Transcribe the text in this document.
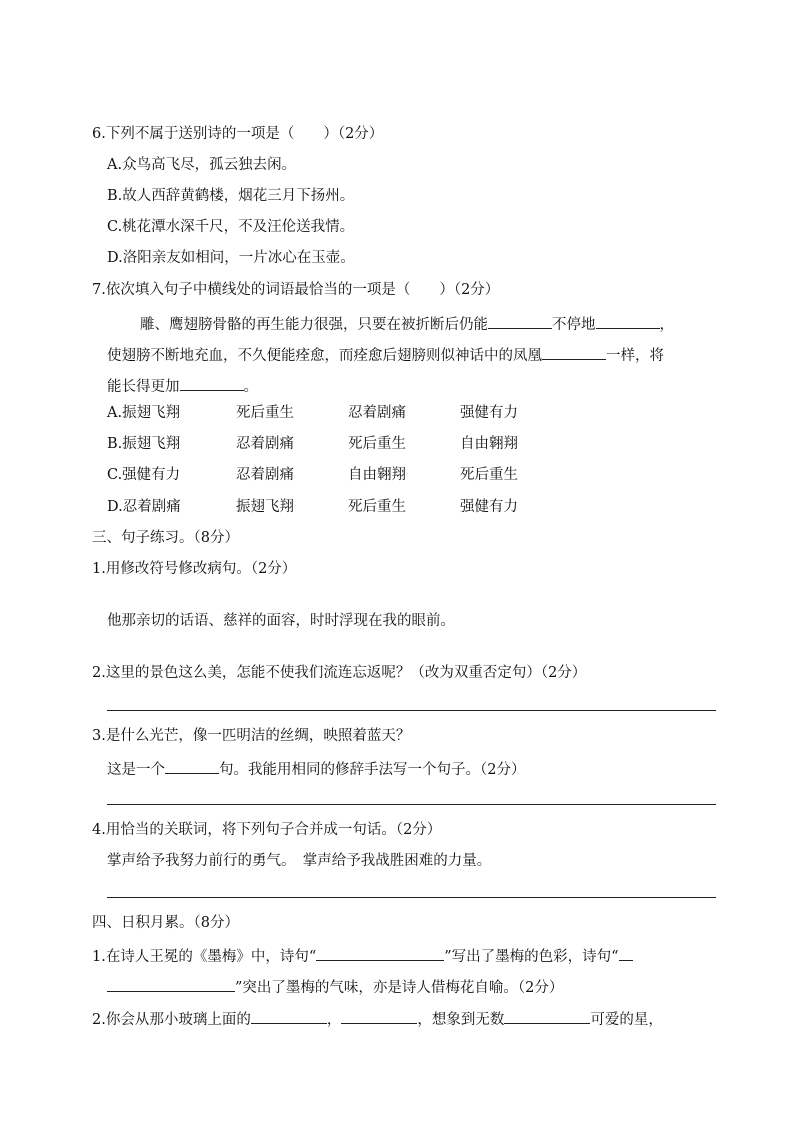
6.下列不属于送别诗的一项是（　　）（2分）
A.众鸟高飞尽，孤云独去闲。
B.故人西辞黄鹤楼，烟花三月下扬州。
C.桃花潭水深千尺，不及汪伦送我情。
D.洛阳亲友如相问，一片冰心在玉壶。
7.依次填入句子中横线处的词语最恰当的一项是（　　）（2分）
雕、鹰翅膀骨骼的再生能力很强，只要在被折断后仍能	不停地	，
使翅膀不断地充血，不久便能痊愈，而痊愈后翅膀则似神话中的凤凰	一样，将
能长得更加	。
A.振翅飞翔	死后重生	忍着剧痛	强健有力
B.振翅飞翔	忍着剧痛	死后重生	自由翱翔
C.强健有力	忍着剧痛	自由翱翔	死后重生
D.忍着剧痛	振翅飞翔	死后重生	强健有力
三、句子练习。（8分）
1.用修改符号修改病句。（2分）
他那亲切的话语、慈祥的面容，时时浮现在我的眼前。
2.这里的景色这么美，怎能不使我们流连忘返呢？（改为双重否定句）（2分）
3.是什么光芒，像一匹明洁的丝绸，映照着蓝天？
这是一个	句。我能用相同的修辞手法写一个句子。（2分）
4.用恰当的关联词，将下列句子合并成一句话。（2分）
掌声给予我努力前行的勇气。　掌声给予我战胜困难的力量。
四、日积月累。（8分）
1.在诗人王冕的《墨梅》中，诗句“	”写出了墨梅的色彩，诗句“
”突出了墨梅的气味，亦是诗人借梅花自喻。（2分）
2.你会从那小玻璃上面的	，	，想象到无数	可爱的星，
